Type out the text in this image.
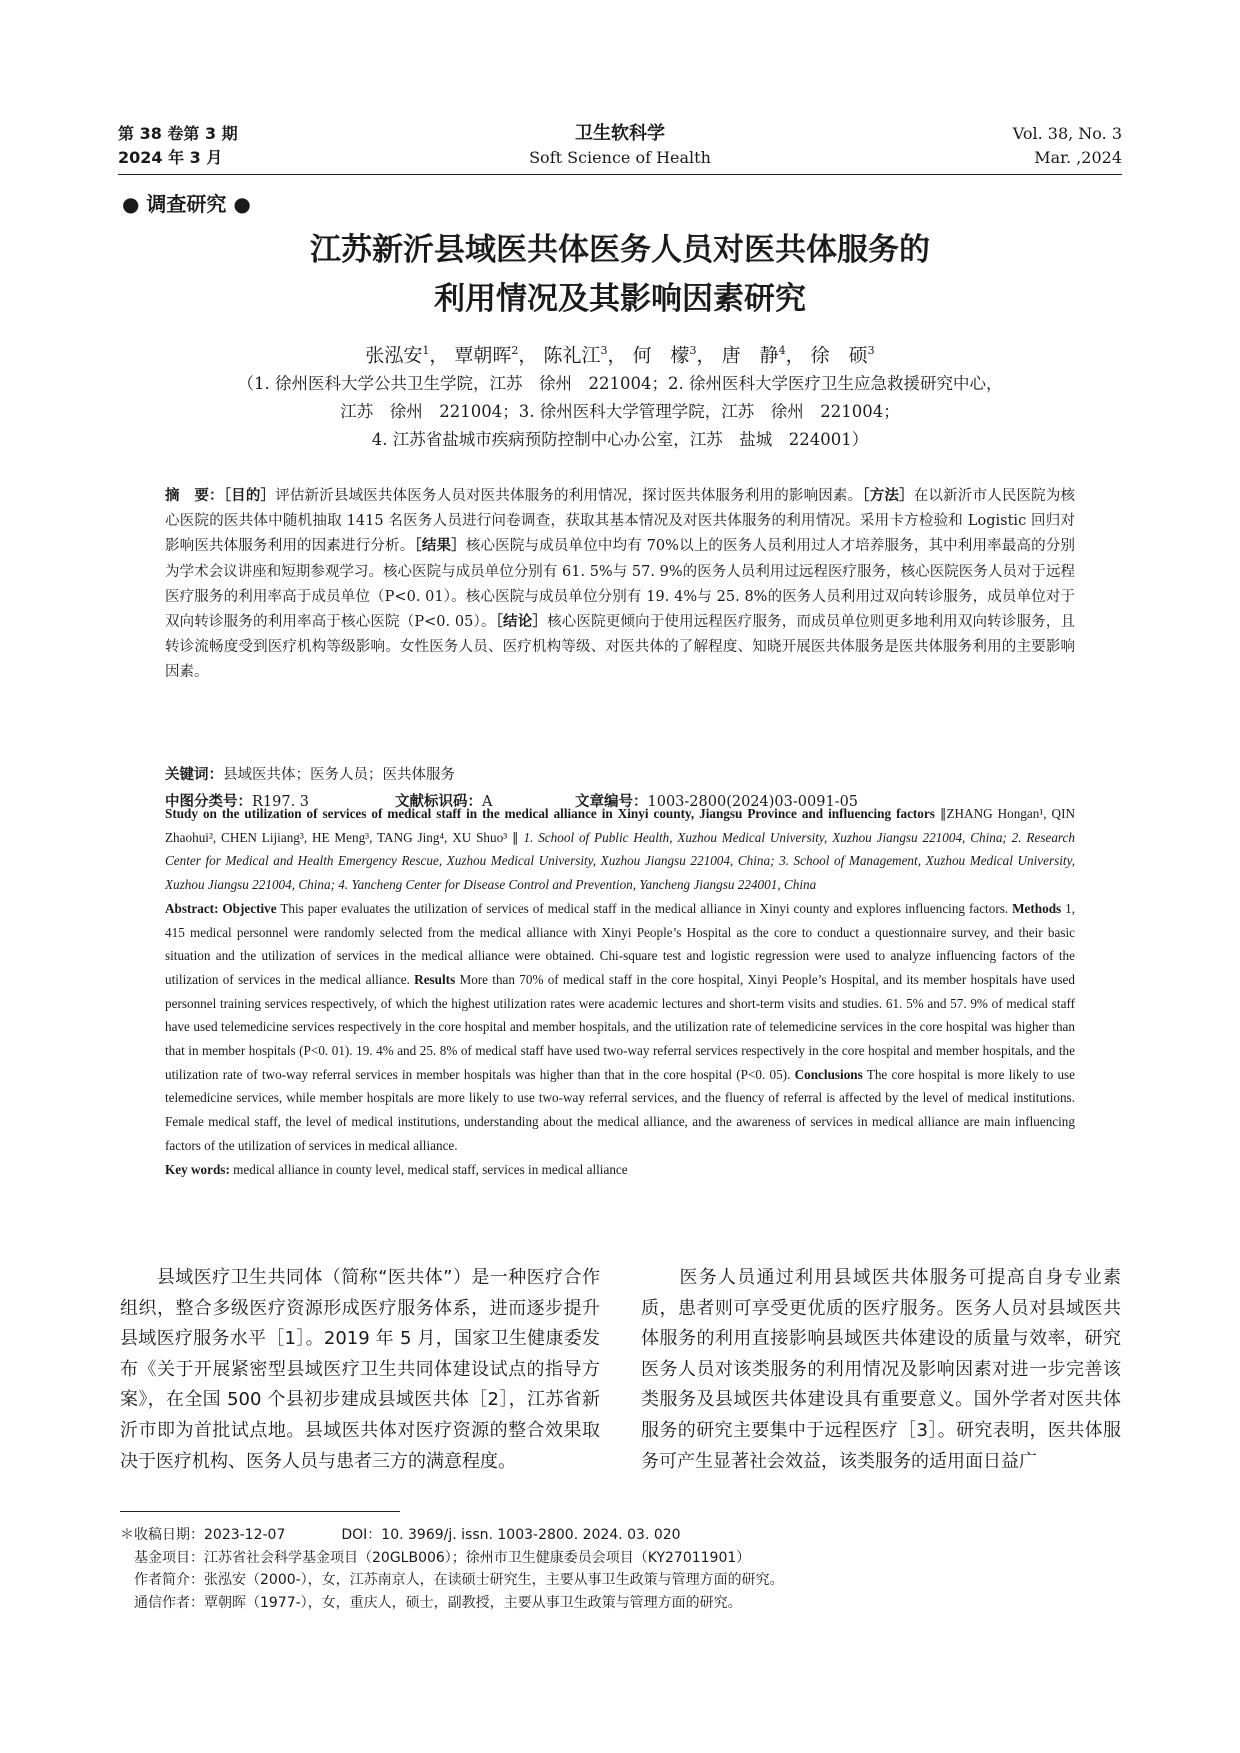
第 38 卷第 3 期
2024 年 3 月
卫生软科学
Soft Science of Health
Vol. 38, No. 3
Mar. ,2024
● 调查研究 ●
江苏新沂县域医共体医务人员对医共体服务的
利用情况及其影响因素研究
张泓安$^1$， 覃朝晖$^2$， 陈礼江$^3$， 何　檬$^3$， 唐　静$^4$， 徐　硕$^3$
（1. 徐州医科大学公共卫生学院，江苏　徐州　221004；2. 徐州医科大学医疗卫生应急救援研究中心，
江苏　徐州　221004；3. 徐州医科大学管理学院，江苏　徐州　221004；
4. 江苏省盐城市疾病预防控制中心办公室，江苏　盐城　224001）
摘　要：［目的］评估新沂县域医共体医务人员对医共体服务的利用情况，探讨医共体服务利用的影响因素。［方法］在以新沂市人民医院为核心医院的医共体中随机抽取 1415 名医务人员进行问卷调查，获取其基本情况及对医共体服务的利用情况。采用卡方检验和 Logistic 回归对影响医共体服务利用的因素进行分析。［结果］核心医院与成员单位中均有 70%以上的医务人员利用过人才培养服务，其中利用率最高的分别为学术会议讲座和短期参观学习。核心医院与成员单位分别有 61. 5%与 57. 9%的医务人员利用过远程医疗服务，核心医院医务人员对于远程医疗服务的利用率高于成员单位（P<0. 01）。核心医院与成员单位分别有 19. 4%与 25. 8%的医务人员利用过双向转诊服务，成员单位对于双向转诊服务的利用率高于核心医院（P<0. 05）。［结论］核心医院更倾向于使用远程医疗服务，而成员单位则更多地利用双向转诊服务，且转诊流畅度受到医疗机构等级影响。女性医务人员、医疗机构等级、对医共体的了解程度、知晓开展医共体服务是医共体服务利用的主要影响因素。
关键词：县域医共体；医务人员；医共体服务
中图分类号：R197. 3	文献标识码：A	文章编号：1003-2800(2024)03-0091-05
Study on the utilization of services of medical staff in the medical alliance in Xinyi county, Jiangsu Province and influencing factors ∥ZHANG Hongan¹, QIN Zhaohui², CHEN Lijiang³, HE Meng³, TANG Jing⁴, XU Shuo³ ∥ 1. School of Public Health, Xuzhou Medical University, Xuzhou Jiangsu 221004, China; 2. Research Center for Medical and Health Emergency Rescue, Xuzhou Medical University, Xuzhou Jiangsu 221004, China; 3. School of Management, Xuzhou Medical University, Xuzhou Jiangsu 221004, China; 4. Yancheng Center for Disease Control and Prevention, Yancheng Jiangsu 224001, China
Abstract: Objective This paper evaluates the utilization of services of medical staff in the medical alliance in Xinyi county and explores influencing factors. Methods 1, 415 medical personnel were randomly selected from the medical alliance with Xinyi People’s Hospital as the core to conduct a questionnaire survey, and their basic situation and the utilization of services in the medical alliance were obtained. Chi-square test and logistic regression were used to analyze influencing factors of the utilization of services in the medical alliance. Results More than 70% of medical staff in the core hospital, Xinyi People’s Hospital, and its member hospitals have used personnel training services respectively, of which the highest utilization rates were academic lectures and short-term visits and studies. 61. 5% and 57. 9% of medical staff have used telemedicine services respectively in the core hospital and member hospitals, and the utilization rate of telemedicine services in the core hospital was higher than that in member hospitals (P<0. 01). 19. 4% and 25. 8% of medical staff have used two-way referral services respectively in the core hospital and member hospitals, and the utilization rate of two-way referral services in member hospitals was higher than that in the core hospital (P<0. 05). Conclusions The core hospital is more likely to use telemedicine services, while member hospitals are more likely to use two-way referral services, and the fluency of referral is affected by the level of medical institutions. Female medical staff, the level of medical institutions, understanding about the medical alliance, and the awareness of services in medical alliance are main influencing factors of the utilization of services in medical alliance.
Key words: medical alliance in county level, medical staff, services in medical alliance
　　县域医疗卫生共同体（简称“医共体”）是一种医疗合作组织，整合多级医疗资源形成医疗服务体系，进而逐步提升县域医疗服务水平［1］。2019 年 5 月，国家卫生健康委发布《关于开展紧密型县域医疗卫生共同体建设试点的指导方案》，在全国 500 个县初步建成县域医共体［2］，江苏省新沂市即为首批试点地。县域医共体对医疗资源的整合效果取决于医疗机构、医务人员与患者三方的满意程度。
　　医务人员通过利用县域医共体服务可提高自身专业素质，患者则可享受更优质的医疗服务。医务人员对县域医共体服务的利用直接影响县域医共体建设的质量与效率，研究医务人员对该类服务的利用情况及影响因素对进一步完善该类服务及县域医共体建设具有重要意义。国外学者对医共体服务的研究主要集中于远程医疗［3］。研究表明，医共体服务可产生显著社会效益，该类服务的适用面日益广
＊收稿日期：2023-12-07　　　　DOI：10. 3969/j. issn. 1003-2800. 2024. 03. 020
　基金项目：江苏省社会科学基金项目（20GLB006）；徐州市卫生健康委员会项目（KY27011901）
　作者简介：张泓安（2000-），女，江苏南京人，在读硕士研究生，主要从事卫生政策与管理方面的研究。
　通信作者：覃朝晖（1977-），女，重庆人，硕士，副教授，主要从事卫生政策与管理方面的研究。
